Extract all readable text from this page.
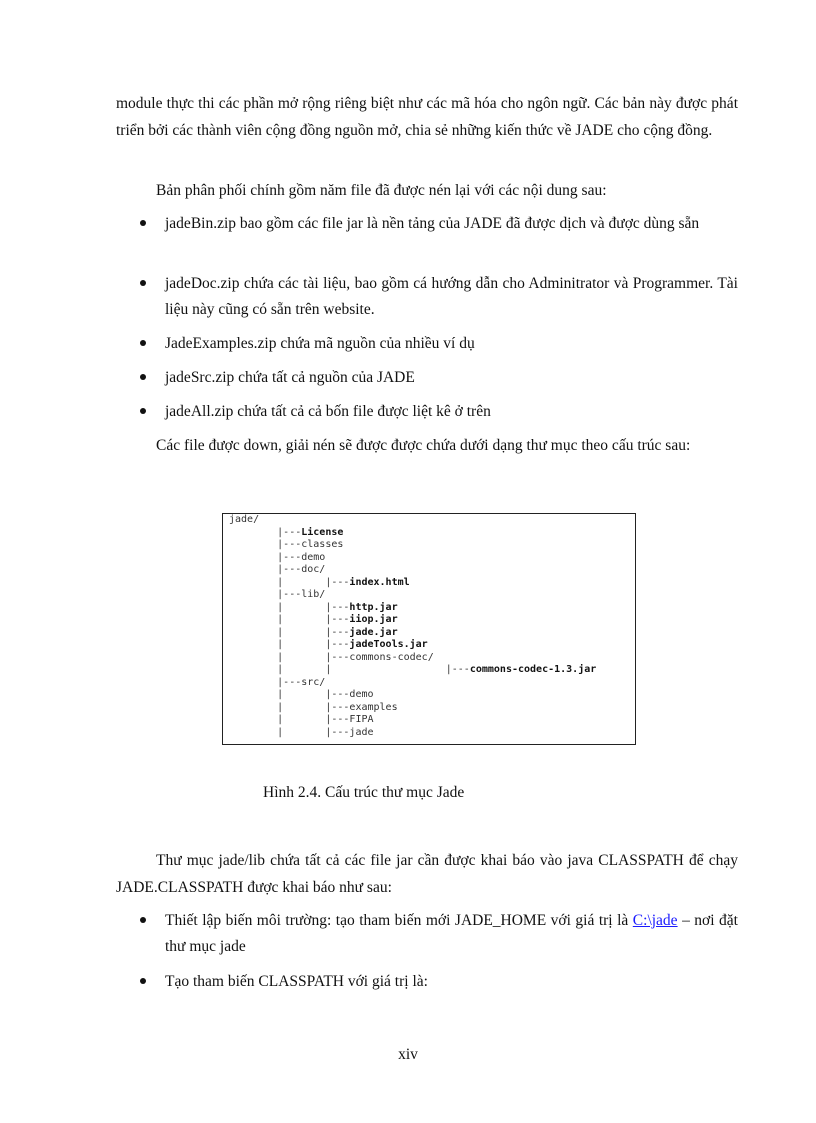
module thực thi các phần mở rộng riêng biệt như các mã hóa cho ngôn ngữ. Các bản này được phát triển bởi các thành viên cộng đồng nguồn mở, chia sẻ những kiến thức về JADE cho cộng đồng.
Bản phân phối chính gồm năm file đã được nén lại với các nội dung sau:
jadeBin.zip bao gồm các file jar là nền tảng của JADE đã được dịch và được dùng sẵn
jadeDoc.zip chứa các tài liệu, bao gồm cá hướng dẫn cho Adminitrator và Programmer. Tài liệu này cũng có sẵn trên website.
JadeExamples.zip chứa mã nguồn của nhiều ví dụ
jadeSrc.zip chứa tất cả nguồn của JADE
jadeAll.zip chứa tất cả cả bốn file được liệt kê ở trên
Các file được down, giải nén sẽ được được chứa dưới dạng thư mục theo cấu trúc sau:
jade/
|---License
|---classes
|---demo
|---doc/
|       |---index.html
|---lib/
|       |---http.jar
|       |---iiop.jar
|       |---jade.jar
|       |---jadeTools.jar
|       |---commons-codec/
|       |                   |---commons-codec-1.3.jar
|---src/
|       |---demo
|       |---examples
|       |---FIPA
|       |---jade
Hình 2.4. Cấu trúc thư mục Jade
Thư mục jade/lib chứa tất cả các file jar cần được khai báo vào java CLASSPATH để chạy JADE.CLASSPATH được khai báo như sau:
Thiết lập biến môi trường: tạo tham biến mới JADE_HOME với giá trị là C:\jade – nơi đặt thư mục jade
Tạo tham biến CLASSPATH với giá trị là:
xiv
